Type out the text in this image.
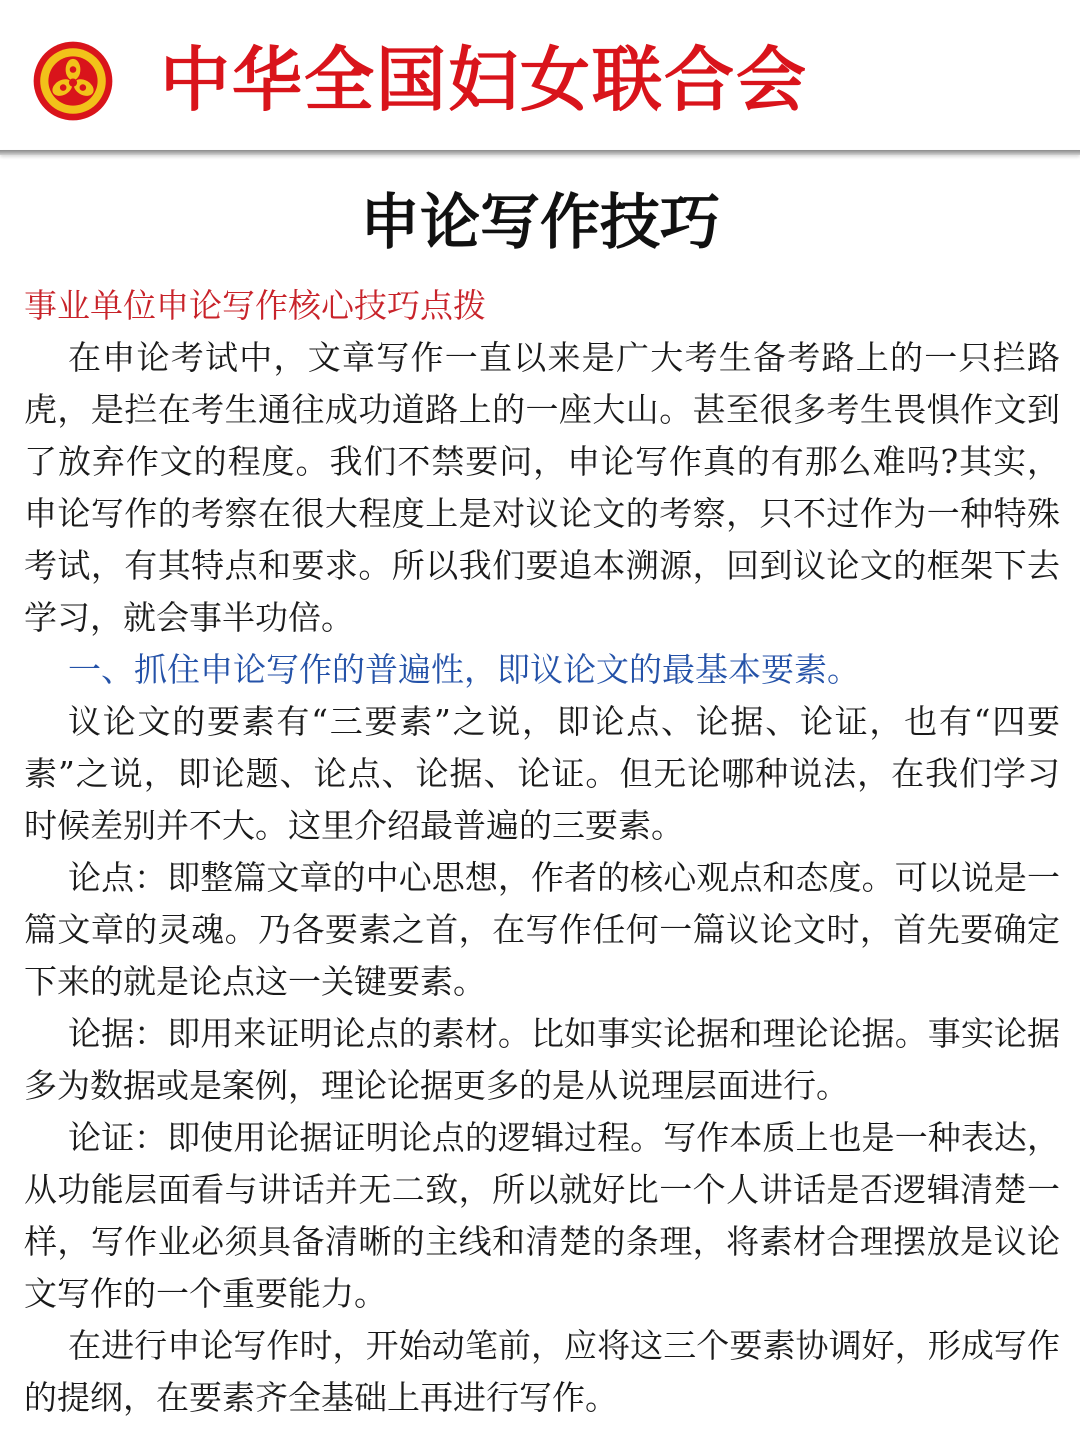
中华全国妇女联合会
申论写作技巧

事业单位申论写作核心技巧点拨

在申论考试中，文章写作一直以来是广大考生备考路上的一只拦路虎，是拦在考生通往成功道路上的一座大山。甚至很多考生畏惧作文到了放弃作文的程度。我们不禁要问，申论写作真的有那么难吗?其实，申论写作的考察在很大程度上是对议论文的考察，只不过作为一种特殊考试，有其特点和要求。所以我们要追本溯源，回到议论文的框架下去学习，就会事半功倍。

一、抓住申论写作的普遍性，即议论文的最基本要素。

议论文的要素有“三要素”之说，即论点、论据、论证，也有“四要素”之说，即论题、论点、论据、论证。但无论哪种说法，在我们学习时候差别并不大。这里介绍最普遍的三要素。

论点：即整篇文章的中心思想，作者的核心观点和态度。可以说是一篇文章的灵魂。乃各要素之首，在写作任何一篇议论文时，首先要确定下来的就是论点这一关键要素。

论据：即用来证明论点的素材。比如事实论据和理论论据。事实论据多为数据或是案例，理论论据更多的是从说理层面进行。

论证：即使用论据证明论点的逻辑过程。写作本质上也是一种表达，从功能层面看与讲话并无二致，所以就好比一个人讲话是否逻辑清楚一样，写作业必须具备清晰的主线和清楚的条理，将素材合理摆放是议论文写作的一个重要能力。

在进行申论写作时，开始动笔前，应将这三个要素协调好，形成写作的提纲，在要素齐全基础上再进行写作。
